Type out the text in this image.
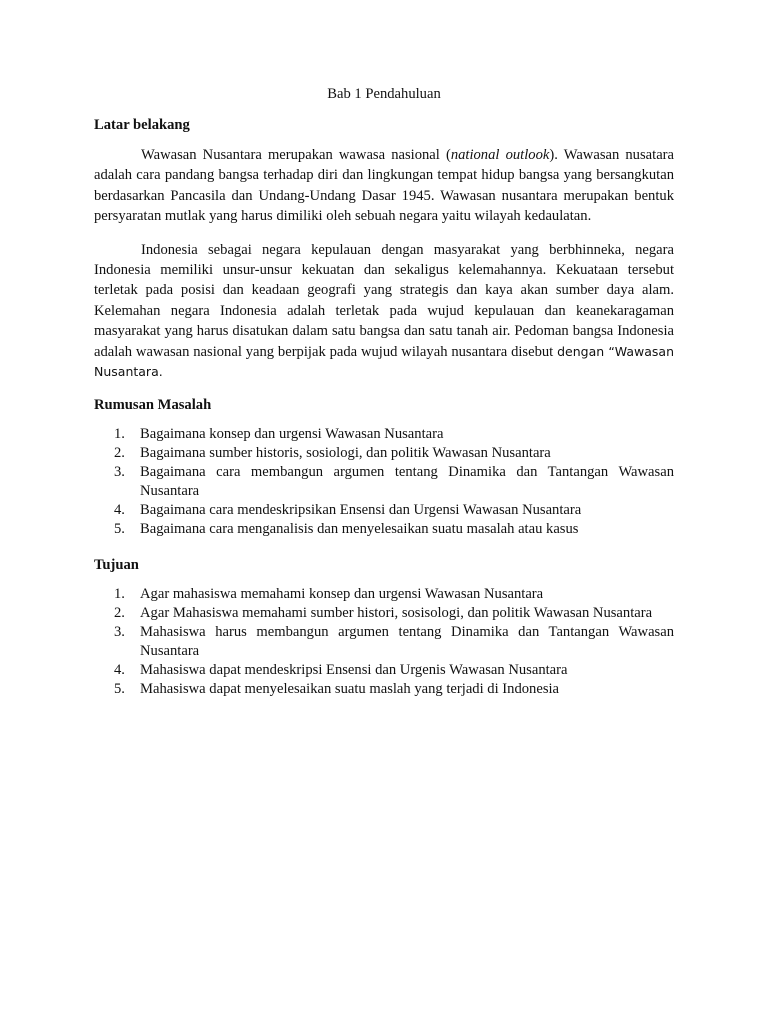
Bab 1 Pendahuluan
Latar belakang

Wawasan Nusantara merupakan wawasa nasional (national outlook). Wawasan nusatara adalah cara pandang bangsa terhadap diri dan lingkungan tempat hidup bangsa yang bersangkutan berdasarkan Pancasila dan Undang-Undang Dasar 1945. Wawasan nusantara merupakan bentuk persyaratan mutlak yang harus dimiliki oleh sebuah negara yaitu wilayah kedaulatan.

Indonesia sebagai negara kepulauan dengan masyarakat yang berbhinneka, negara Indonesia memiliki unsur-unsur kekuatan dan sekaligus kelemahannya. Kekuataan tersebut terletak pada posisi dan keadaan geografi yang strategis dan kaya akan sumber daya alam. Kelemahan negara Indonesia adalah terletak pada wujud kepulauan dan keanekaragaman masyarakat yang harus disatukan dalam satu bangsa dan satu tanah air. Pedoman bangsa Indonesia adalah wawasan nasional yang berpijak pada wujud wilayah nusantara disebut dengan “Wawasan Nusantara.

Rumusan Masalah
1. Bagaimana konsep dan urgensi Wawasan Nusantara
2. Bagaimana sumber historis, sosiologi, dan politik Wawasan Nusantara
3. Bagaimana cara membangun argumen tentang Dinamika dan Tantangan Wawasan Nusantara
4. Bagaimana cara mendeskripsikan Ensensi dan Urgensi Wawasan Nusantara
5. Bagaimana cara menganalisis dan menyelesaikan suatu masalah atau kasus
Tujuan
1. Agar mahasiswa memahami konsep dan urgensi Wawasan Nusantara
2. Agar Mahasiswa memahami sumber histori, sosisologi, dan politik Wawasan Nusantara
3. Mahasiswa harus membangun argumen tentang Dinamika dan Tantangan Wawasan Nusantara
4. Mahasiswa dapat mendeskripsi Ensensi dan Urgenis Wawasan Nusantara
5. Mahasiswa dapat menyelesaikan suatu maslah yang terjadi di Indonesia
